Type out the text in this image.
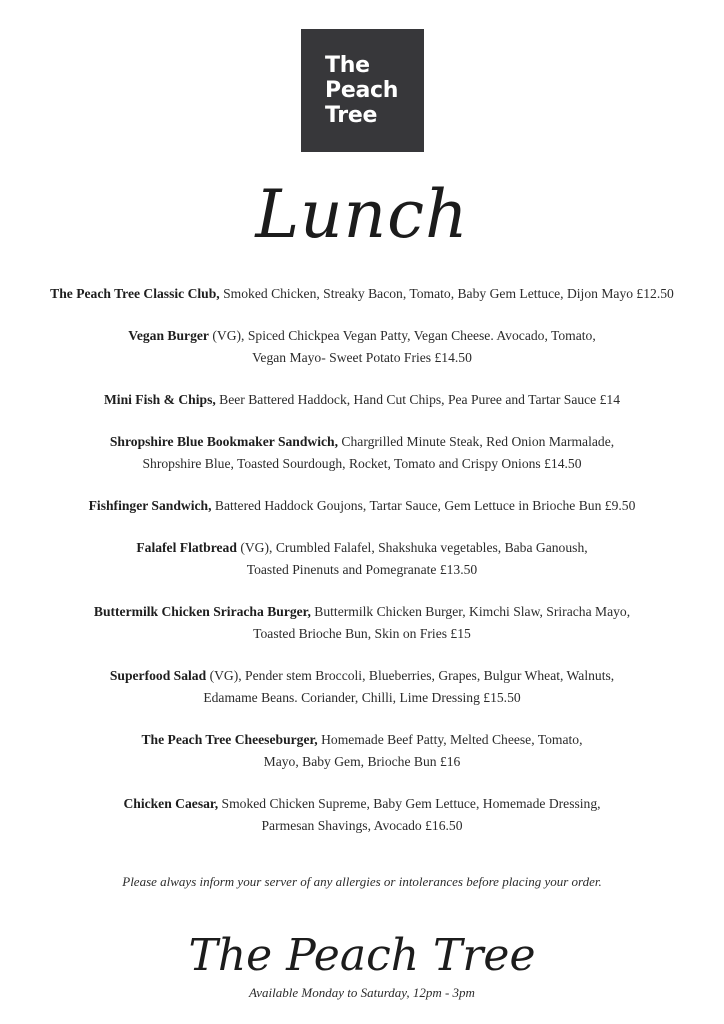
The
Peach
Tree
Lunch
The Peach Tree Classic Club, Smoked Chicken, Streaky Bacon, Tomato, Baby Gem Lettuce, Dijon Mayo £12.50
Vegan Burger (VG), Spiced Chickpea Vegan Patty, Vegan Cheese. Avocado, Tomato,
Vegan Mayo- Sweet Potato Fries £14.50
Mini Fish & Chips, Beer Battered Haddock, Hand Cut Chips, Pea Puree and Tartar Sauce £14
Shropshire Blue Bookmaker Sandwich, Chargrilled Minute Steak, Red Onion Marmalade,
Shropshire Blue, Toasted Sourdough, Rocket, Tomato and Crispy Onions £14.50
Fishfinger Sandwich, Battered Haddock Goujons, Tartar Sauce, Gem Lettuce in Brioche Bun £9.50
Falafel Flatbread (VG), Crumbled Falafel, Shakshuka vegetables, Baba Ganoush,
Toasted Pinenuts and Pomegranate £13.50
Buttermilk Chicken Sriracha Burger, Buttermilk Chicken Burger, Kimchi Slaw, Sriracha Mayo,
Toasted Brioche Bun, Skin on Fries £15
Superfood Salad (VG), Pender stem Broccoli, Blueberries, Grapes, Bulgur Wheat, Walnuts,
Edamame Beans. Coriander, Chilli, Lime Dressing £15.50
The Peach Tree Cheeseburger, Homemade Beef Patty, Melted Cheese, Tomato,
Mayo, Baby Gem, Brioche Bun £16
Chicken Caesar, Smoked Chicken Supreme, Baby Gem Lettuce, Homemade Dressing,
Parmesan Shavings, Avocado £16.50
Please always inform your server of any allergies or intolerances before placing your order.
The Peach Tree
Available Monday to Saturday, 12pm - 3pm
